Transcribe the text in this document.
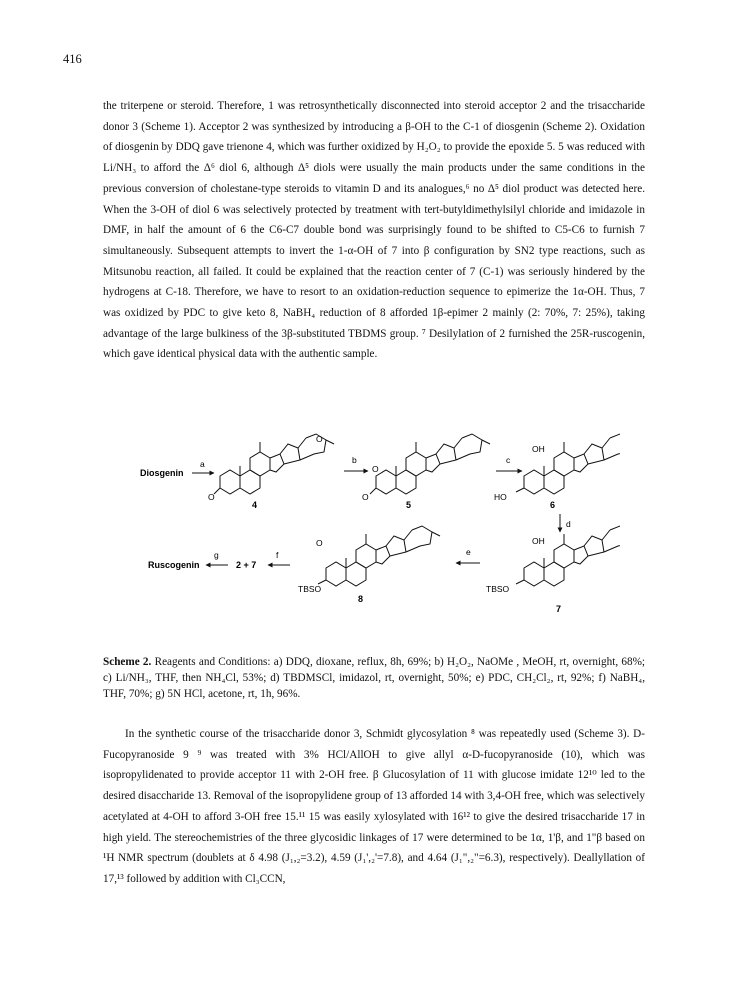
416

the triterpene or steroid. Therefore, 1 was retrosynthetically disconnected into steroid acceptor 2 and the trisaccharide donor 3 (Scheme 1). Acceptor 2 was synthesized by introducing a β-OH to the C-1 of diosgenin (Scheme 2). Oxidation of diosgenin by DDQ gave trienone 4, which was further oxidized by H₂O₂ to provide the epoxide 5. 5 was reduced with Li/NH₃ to afford the Δ⁶ diol 6, although Δ⁵ diols were usually the main products under the same conditions in the previous conversion of cholestane-type steroids to vitamin D and its analogues,⁶ no Δ⁵ diol product was detected here. When the 3-OH of diol 6 was selectively protected by treatment with tert-butyldimethylsilyl chloride and imidazole in DMF, in half the amount of 6 the C6-C7 double bond was surprisingly found to be shifted to C5-C6 to furnish 7 simultaneously. Subsequent attempts to invert the 1-α-OH of 7 into β configuration by SN2 type reactions, such as Mitsunobu reaction, all failed. It could be explained that the reaction center of 7 (C-1) was seriously hindered by the hydrogens at C-18. Therefore, we have to resort to an oxidation-reduction sequence to epimerize the 1α-OH. Thus, 7 was oxidized by PDC to give keto 8, NaBH₄ reduction of 8 afforded 1β-epimer 2 mainly (2: 70%, 7: 25%), taking advantage of the large bulkiness of the 3β-substituted TBDMS group. ⁷ Desilylation of 2 furnished the 25R-ruscogenin, which gave identical physical data with the authentic sample.

Diosgenin
a
O
O
4
b
O
O
5
c
OH
HO
6
d
Ruscogenin
g
2 + 7
f
O
TBSO
8
e
OH
TBSO
7

Scheme 2. Reagents and Conditions: a) DDQ, dioxane, reflux, 8h, 69%; b) H₂O₂, NaOMe , MeOH, rt, overnight, 68%; c) Li/NH₃, THF, then NH₄Cl, 53%; d) TBDMSCl, imidazol, rt, overnight, 50%; e) PDC, CH₂Cl₂, rt, 92%; f) NaBH₄, THF, 70%; g) 5N HCl, acetone, rt, 1h, 96%.

In the synthetic course of the trisaccharide donor 3, Schmidt glycosylation ⁸ was repeatedly used (Scheme 3). D-Fucopyranoside 9 ⁹ was treated with 3% HCl/AllOH to give allyl α-D-fucopyranoside (10), which was isopropylidenated to provide acceptor 11 with 2-OH free. β Glucosylation of 11 with glucose imidate 12¹⁰ led to the desired disaccharide 13. Removal of the isopropylidene group of 13 afforded 14 with 3,4-OH free, which was selectively acetylated at 4-OH to afford 3-OH free 15.¹¹ 15 was easily xylosylated with 16¹² to give the desired trisaccharide 17 in high yield. The stereochemistries of the three glycosidic linkages of 17 were determined to be 1α, 1'β, and 1"β based on ¹H NMR spectrum (doublets at δ 4.98 (J₁,₂=3.2), 4.59 (J₁',₂'=7.8), and 4.64 (J₁",₂"=6.3), respectively). Deallyllation of 17,¹³ followed by addition with Cl₃CCN,
